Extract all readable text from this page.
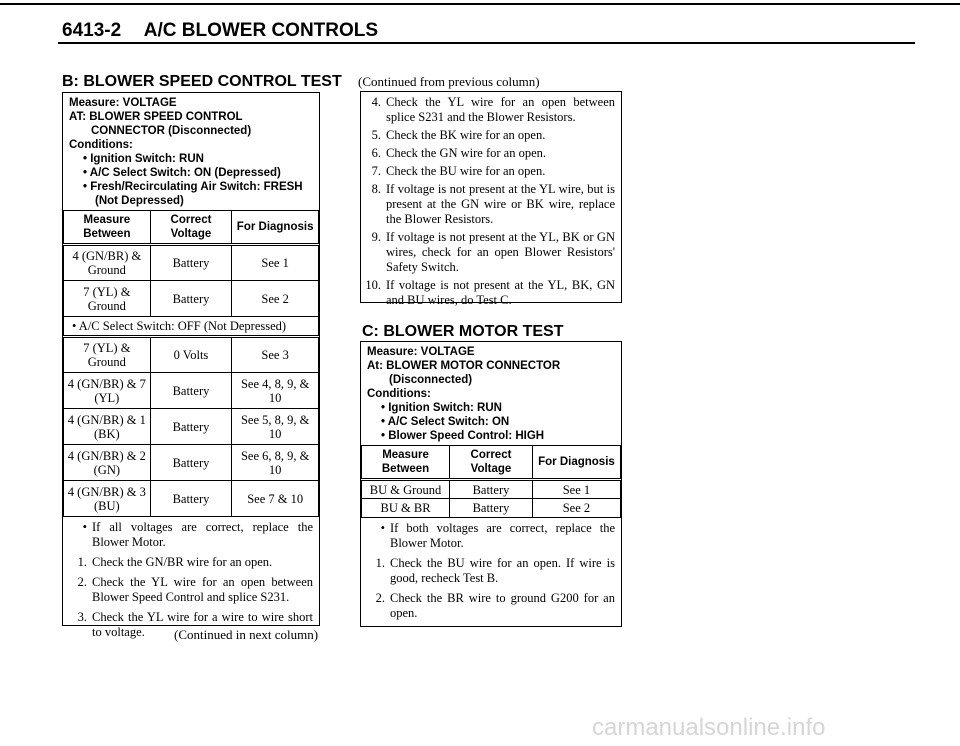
6413-2 A/C BLOWER CONTROLS
B: BLOWER SPEED CONTROL TEST
Measure: VOLTAGE
AT: BLOWER SPEED CONTROL
CONNECTOR (Disconnected)
Conditions:
• Ignition Switch: RUN
• A/C Select Switch: ON (Depressed)
• Fresh/Recirculating Air Switch: FRESH
(Not Depressed)
Measure Between	Correct Voltage	For Diagnosis
4 (GN/BR) & Ground	Battery	See 1
7 (YL) & Ground	Battery	See 2
• A/C Select Switch: OFF (Not Depressed)		
7 (YL) & Ground	0 Volts	See 3
4 (GN/BR) & 7 (YL)	Battery	See 4, 8, 9, & 10
4 (GN/BR) & 1 (BK)	Battery	See 5, 8, 9, & 10
4 (GN/BR) & 2 (GN)	Battery	See 6, 8, 9, & 10
4 (GN/BR) & 3 (BU)	Battery	See 7 & 10
• If all voltages are correct, replace the Blower Motor.
1. Check the GN/BR wire for an open.
2. Check the YL wire for an open between Blower Speed Control and splice S231.
3. Check the YL wire for a wire to wire short to voltage.	(Continued in next column)
(Continued from previous column)
4. Check the YL wire for an open between splice S231 and the Blower Resistors.
5. Check the BK wire for an open.
6. Check the GN wire for an open.
7. Check the BU wire for an open.
8. If voltage is not present at the YL wire, but is present at the GN wire or BK wire, replace the Blower Resistors.
9. If voltage is not present at the YL, BK or GN wires, check for an open Blower Resistors' Safety Switch.
10. If voltage is not present at the YL, BK, GN and BU wires, do Test C.
C: BLOWER MOTOR TEST
Measure: VOLTAGE
At: BLOWER MOTOR CONNECTOR
(Disconnected)
Conditions:
• Ignition Switch: RUN
• A/C Select Switch: ON
• Blower Speed Control: HIGH
Measure Between	Correct Voltage	For Diagnosis
BU & Ground	Battery	See 1
BU & BR	Battery	See 2
• If both voltages are correct, replace the Blower Motor.
1. Check the BU wire for an open. If wire is good, recheck Test B.
2. Check the BR wire to ground G200 for an open.
carmanualsonline.info
